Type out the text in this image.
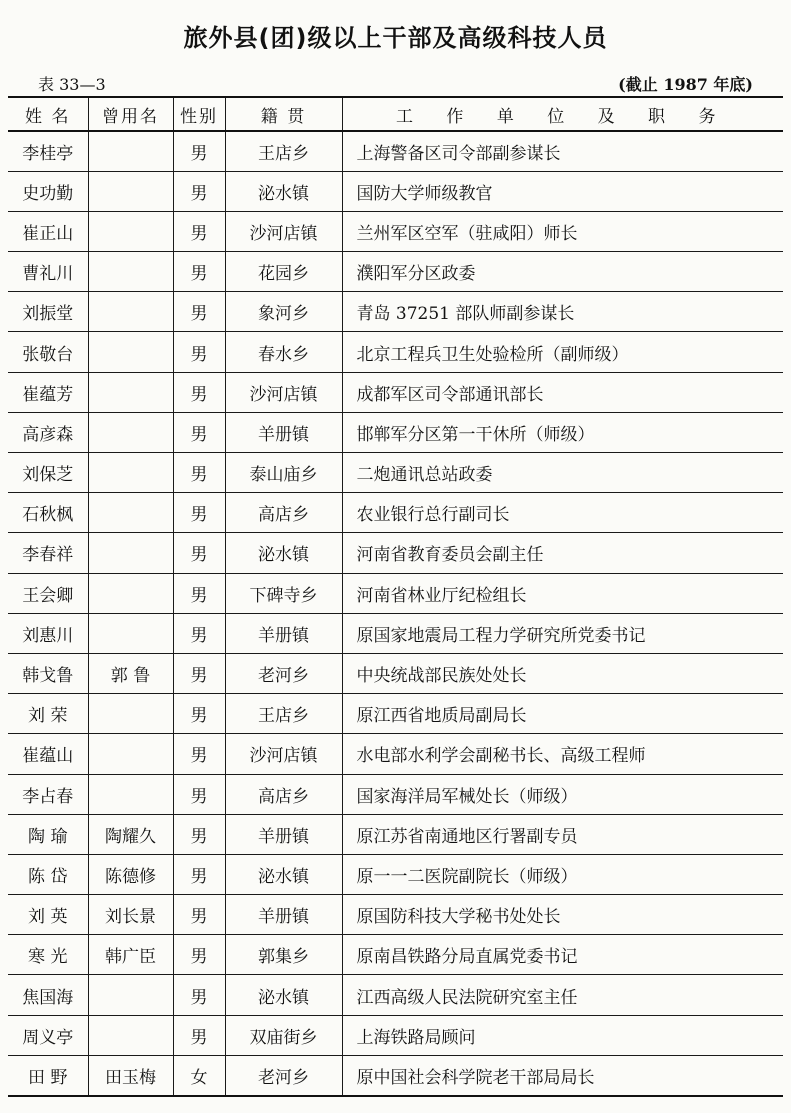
旅外县(团)级以上干部及高级科技人员
表 33—3	(截止 1987 年底)
姓 名	曾用名	性别	籍 贯	工 作 单 位 及 职 务
李桂亭		男	王店乡	上海警备区司令部副参谋长
史功勤		男	泌水镇	国防大学师级教官
崔正山		男	沙河店镇	兰州军区空军（驻咸阳）师长
曹礼川		男	花园乡	濮阳军分区政委
刘振堂		男	象河乡	青岛 37251 部队师副参谋长
张敬台		男	春水乡	北京工程兵卫生处验检所（副师级）
崔蕴芳		男	沙河店镇	成都军区司令部通讯部长
高彦森		男	羊册镇	邯郸军分区第一干休所（师级）
刘保芝		男	泰山庙乡	二炮通讯总站政委
石秋枫		男	高店乡	农业银行总行副司长
李春祥		男	泌水镇	河南省教育委员会副主任
王会卿		男	下碑寺乡	河南省林业厅纪检组长
刘惠川		男	羊册镇	原国家地震局工程力学研究所党委书记
韩戈鲁	郭 鲁	男	老河乡	中央统战部民族处处长
刘 荣		男	王店乡	原江西省地质局副局长
崔蕴山		男	沙河店镇	水电部水利学会副秘书长、高级工程师
李占春		男	高店乡	国家海洋局军械处长（师级）
陶 瑜	陶耀久	男	羊册镇	原江苏省南通地区行署副专员
陈 岱	陈德修	男	泌水镇	原一一二医院副院长（师级）
刘 英	刘长景	男	羊册镇	原国防科技大学秘书处处长
寒 光	韩广臣	男	郭集乡	原南昌铁路分局直属党委书记
焦国海		男	泌水镇	江西高级人民法院研究室主任
周义亭		男	双庙街乡	上海铁路局顾问
田 野	田玉梅	女	老河乡	原中国社会科学院老干部局局长
